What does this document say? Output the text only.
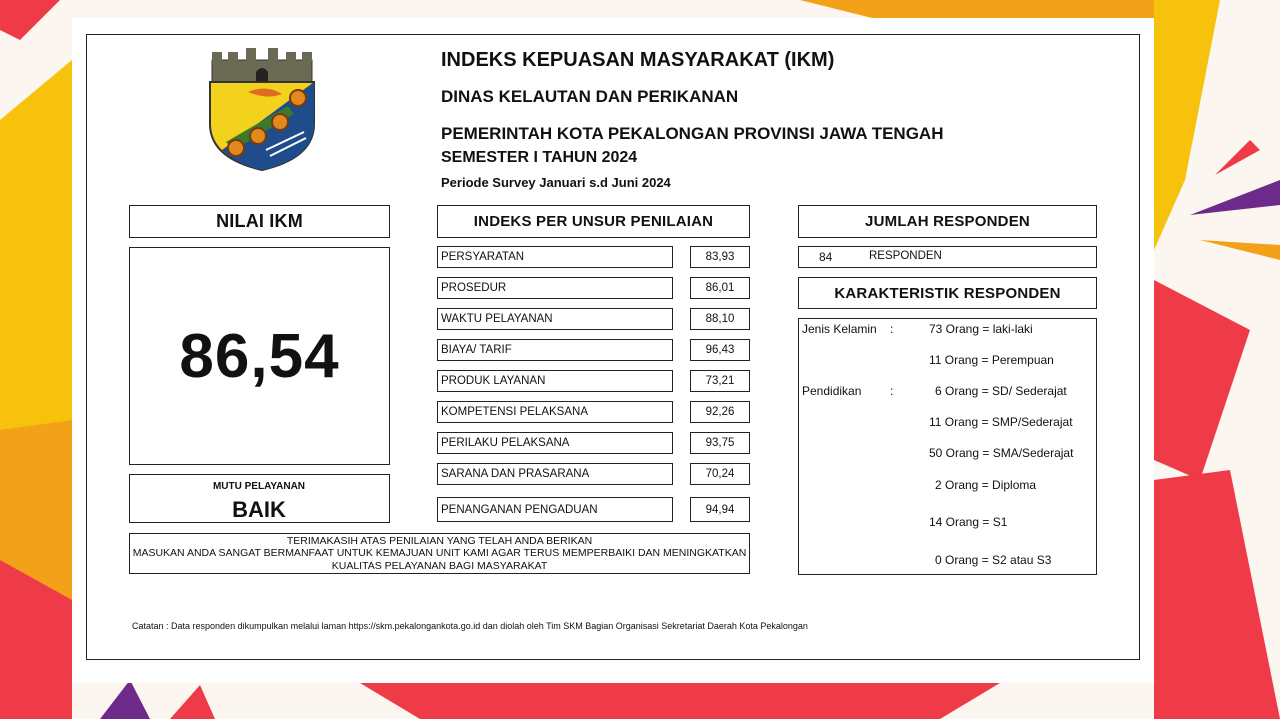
INDEKS KEPUASAN MASYARAKAT (IKM)
DINAS KELAUTAN DAN PERIKANAN
PEMERINTAH KOTA PEKALONGAN PROVINSI JAWA TENGAH
SEMESTER I TAHUN 2024
Periode Survey Januari s.d Juni 2024
NILAI IKM
86,54
MUTU PELAYANAN
BAIK
INDEKS PER UNSUR PENILAIAN
PERSYARATAN	83,93
PROSEDUR	86,01
WAKTU PELAYANAN	88,10
BIAYA/ TARIF	96,43
PRODUK LAYANAN	73,21
KOMPETENSI PELAKSANA	92,26
PERILAKU PELAKSANA	93,75
SARANA DAN PRASARANA	70,24
PENANGANAN PENGADUAN	94,94
TERIMAKASIH ATAS PENILAIAN YANG TELAH ANDA BERIKAN
MASUKAN ANDA SANGAT BERMANFAAT UNTUK KEMAJUAN UNIT KAMI AGAR TERUS MEMPERBAIKI DAN MENINGKATKAN
KUALITAS PELAYANAN BAGI MASYARAKAT
JUMLAH RESPONDEN
84	RESPONDEN
KARAKTERISTIK RESPONDEN
Jenis Kelamin :	73 Orang = laki-laki
11 Orang = Perempuan
Pendidikan :	6 Orang = SD/ Sederajat
11 Orang = SMP/Sederajat
50 Orang = SMA/Sederajat
2 Orang = Diploma
14 Orang = S1
0 Orang = S2 atau S3
Catatan : Data responden dikumpulkan melalui laman https://skm.pekalongankota.go.id dan diolah oleh Tim SKM Bagian Organisasi Sekretariat Daerah Kota Pekalongan
